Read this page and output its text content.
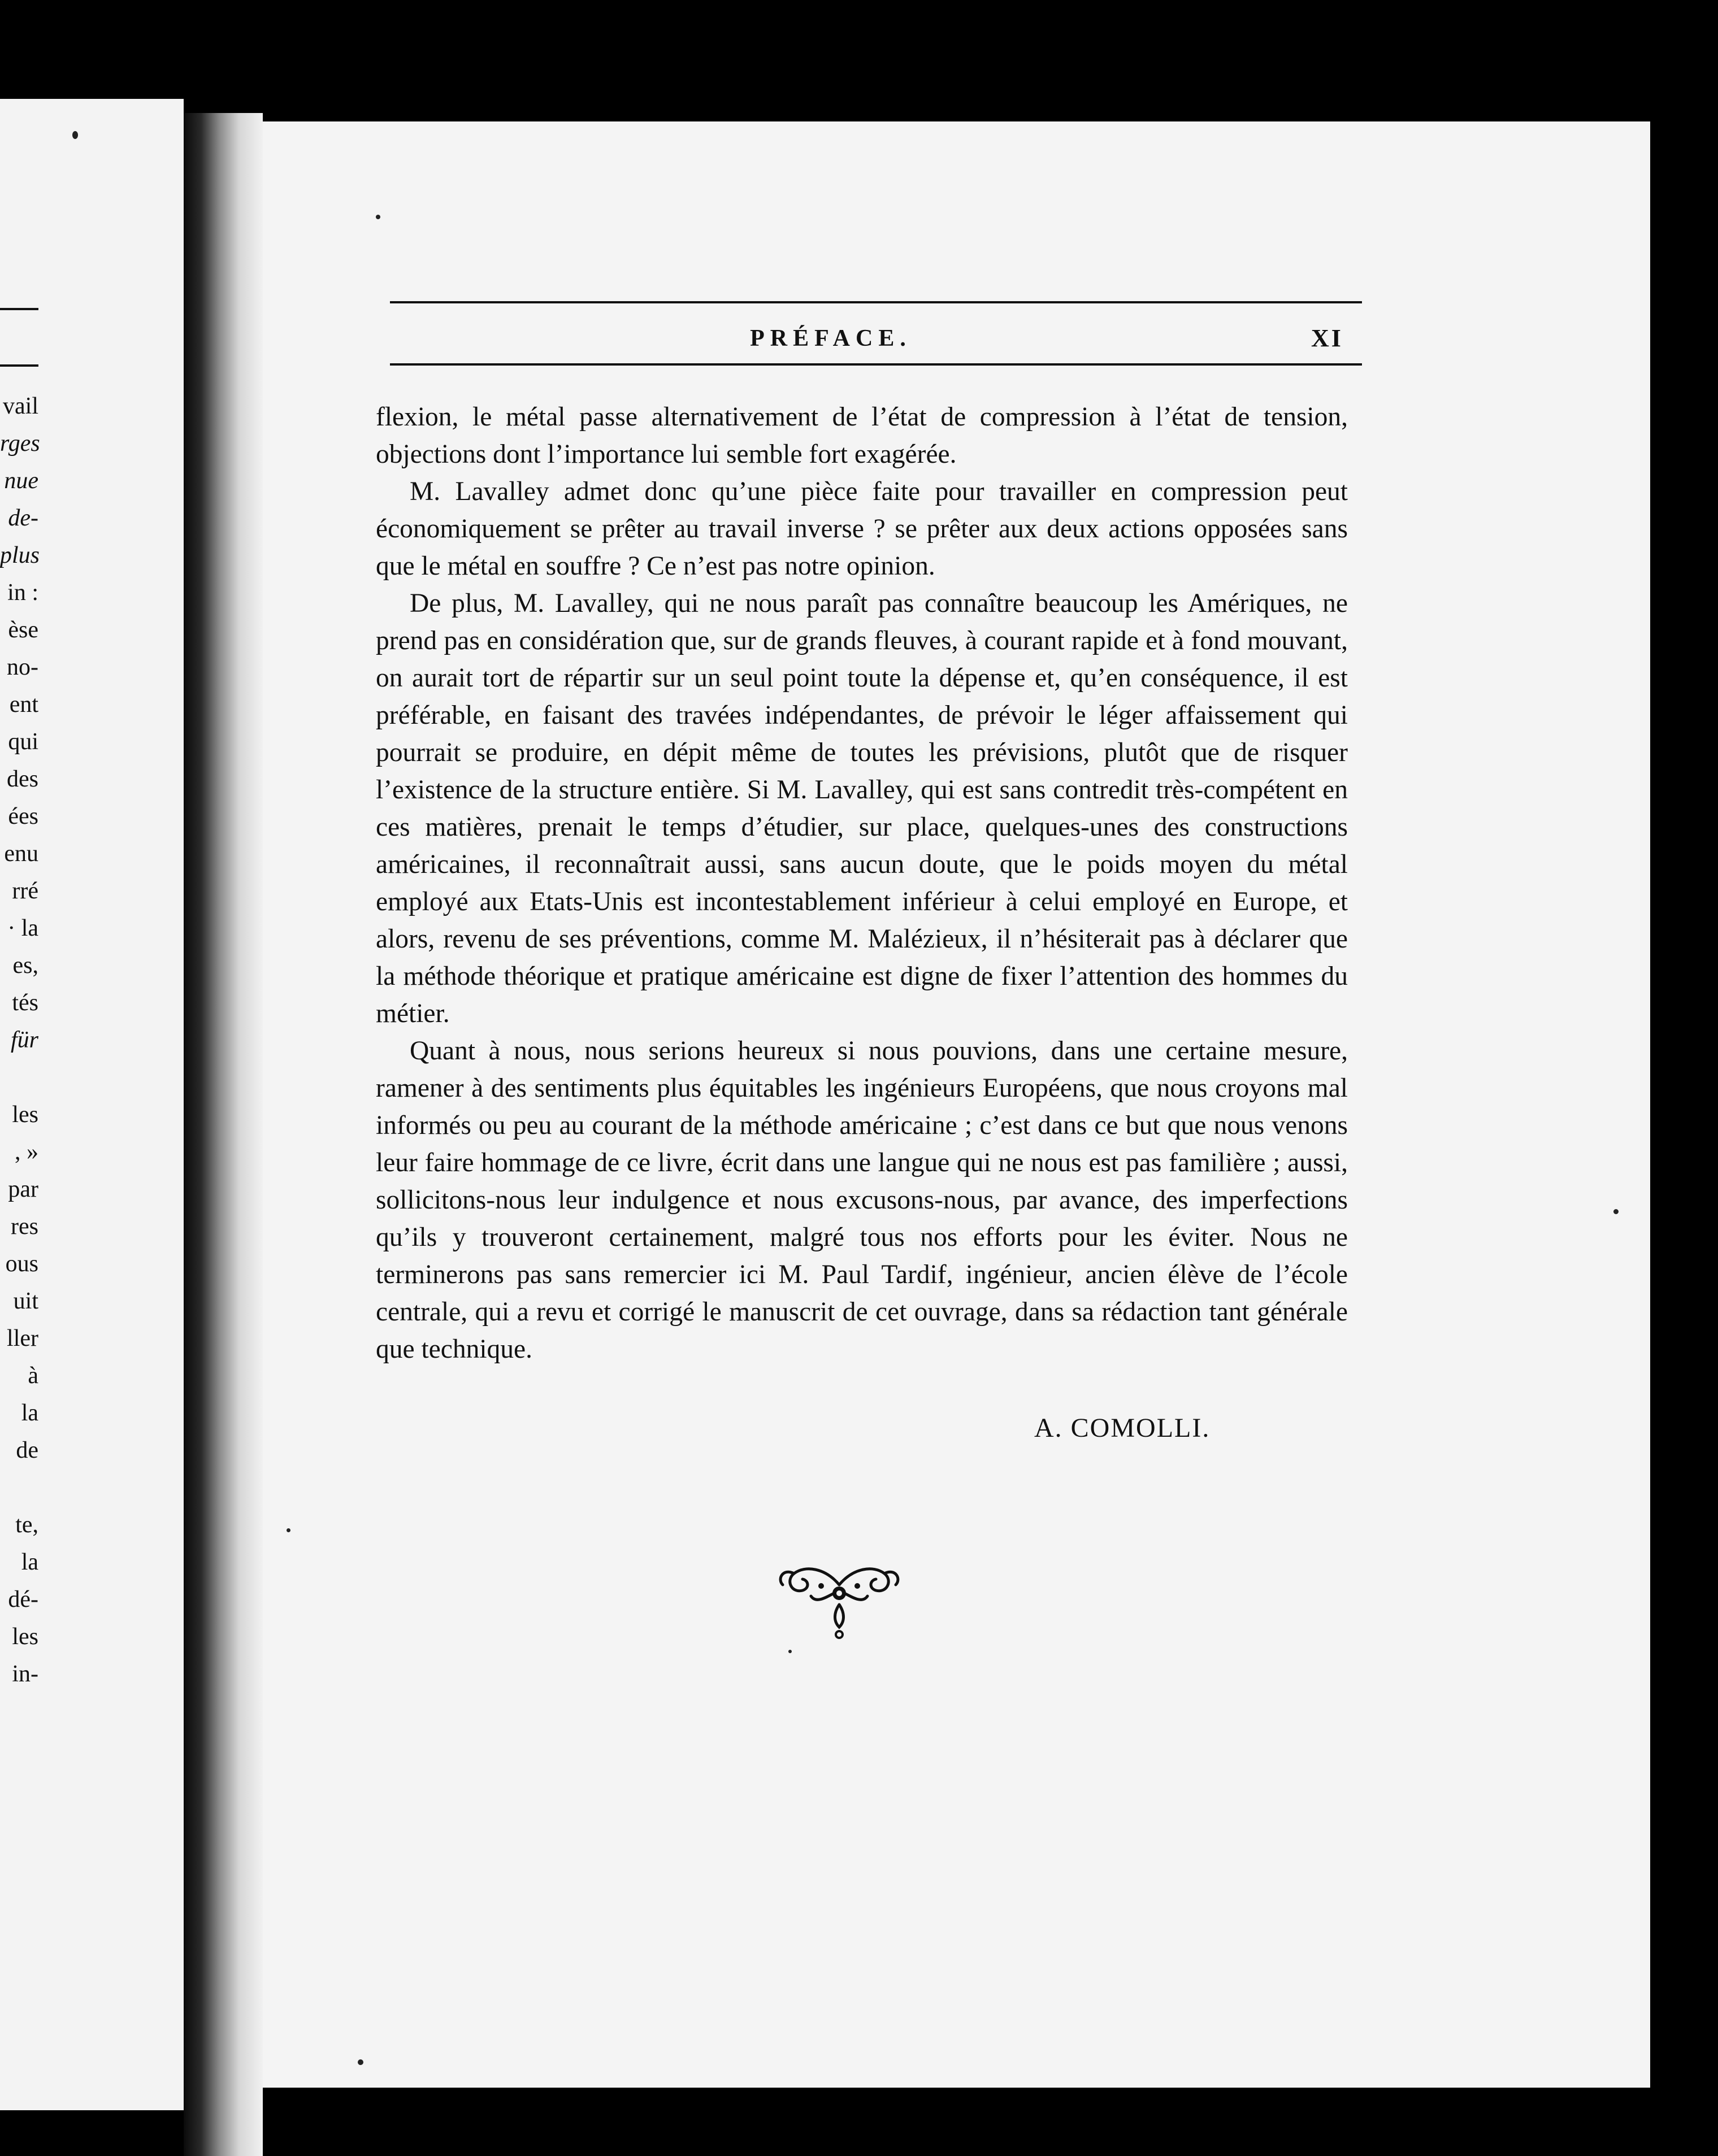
vail
rges
nue
de-
plus
in :
èse
no-
ent
qui
des
ées
enu
rré
· la
es,
tés
für
les
, »
par
res
ous
uit
ller
à
la
de
te,
la
dé-
les
in-
PRÉFACE.	XI

flexion, le métal passe alternativement de l’état de compression à l’état de tension, objections dont l’importance lui semble fort exagérée.

M. Lavalley admet donc qu’une pièce faite pour travailler en compression peut économiquement se prêter au travail inverse ? se prêter aux deux actions opposées sans que le métal en souffre ? Ce n’est pas notre opinion.

De plus, M. Lavalley, qui ne nous paraît pas connaître beaucoup les Amériques, ne prend pas en considération que, sur de grands fleuves, à courant rapide et à fond mouvant, on aurait tort de répartir sur un seul point toute la dépense et, qu’en conséquence, il est préférable, en faisant des travées indépendantes, de prévoir le léger affaissement qui pourrait se produire, en dépit même de toutes les prévisions, plutôt que de risquer l’existence de la structure entière. Si M. Lavalley, qui est sans contredit très-compétent en ces matières, prenait le temps d’étudier, sur place, quelques-unes des constructions américaines, il reconnaîtrait aussi, sans aucun doute, que le poids moyen du métal employé aux Etats-Unis est incontestablement inférieur à celui employé en Europe, et alors, revenu de ses préventions, comme M. Malézieux, il n’hésiterait pas à déclarer que la méthode théorique et pratique américaine est digne de fixer l’attention des hommes du métier.

Quant à nous, nous serions heureux si nous pouvions, dans une certaine mesure, ramener à des sentiments plus équitables les ingénieurs Européens, que nous croyons mal informés ou peu au courant de la méthode américaine ; c’est dans ce but que nous venons leur faire hommage de ce livre, écrit dans une langue qui ne nous est pas familière ; aussi, sollicitons-nous leur indulgence et nous excusons-nous, par avance, des imperfections qu’ils y trouveront certainement, malgré tous nos efforts pour les éviter. Nous ne terminerons pas sans remercier ici M. Paul Tardif, ingénieur, ancien élève de l’école centrale, qui a revu et corrigé le manuscrit de cet ouvrage, dans sa rédaction tant générale que technique.

A. COMOLLI.
